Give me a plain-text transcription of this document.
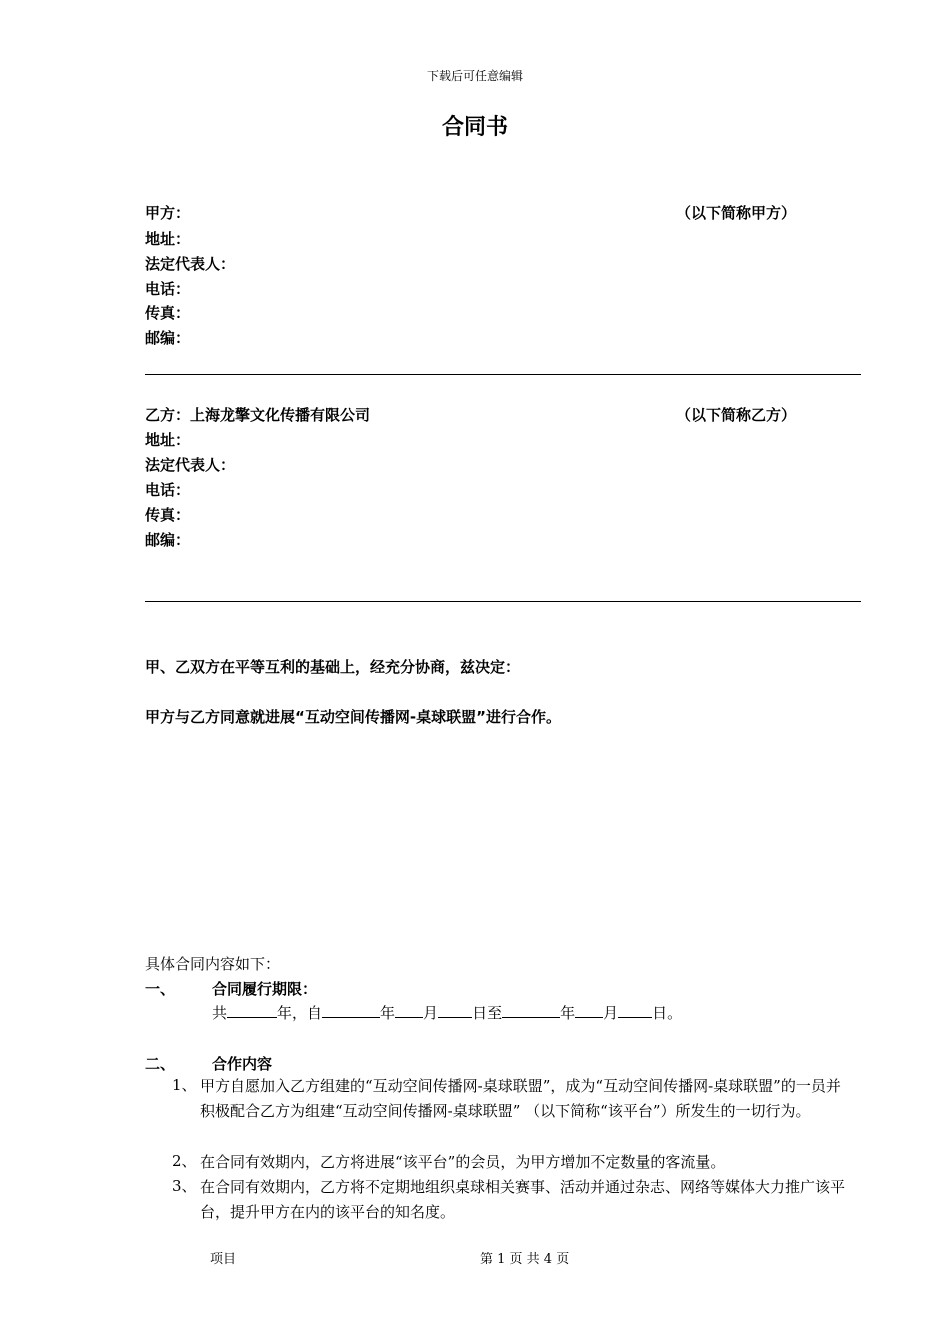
下载后可任意编辑
合同书
甲方：	（以下简称甲方）
地址：
法定代表人：
电话：
传真：
邮编：
乙方：上海龙擎文化传播有限公司	（以下简称乙方）
地址：
法定代表人：
电话：
传真：
邮编：
甲、乙双方在平等互利的基础上，经充分协商，兹决定：
甲方与乙方同意就进展“互动空间传播网-桌球联盟”进行合作。
具体合同内容如下：
一、 合同履行期限：
共	年，自	年 月 日至	年 月 日。
二、 合作内容
1、 甲方自愿加入乙方组建的“互动空间传播网-桌球联盟”，成为“互动空间传播网-桌球联盟”的一员并积极配合乙方为组建“互动空间传播网-桌球联盟” （以下简称“该平台”）所发生的一切行为。
2、 在合同有效期内，乙方将进展“该平台”的会员，为甲方增加不定数量的客流量。
3、 在合同有效期内，乙方将不定期地组织桌球相关赛事、活动并通过杂志、网络等媒体大力推广该平台，提升甲方在内的该平台的知名度。
项目	第 1 页 共 4 页
